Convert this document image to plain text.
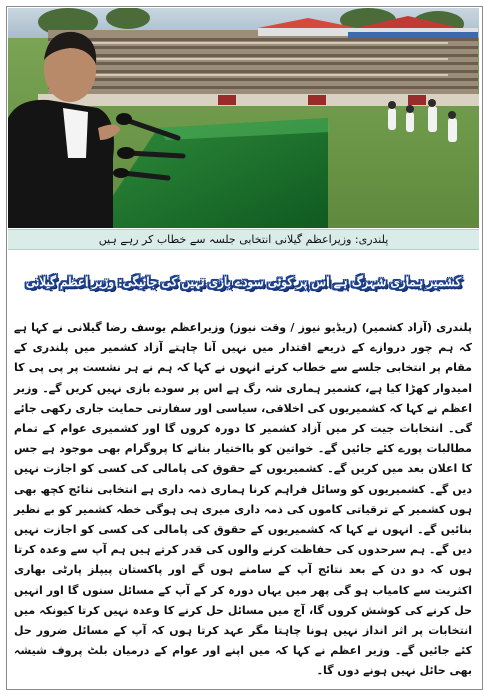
پلندری: وزیراعظم گیلانی انتخابی جلسہ سے خطاب کر رہے ہیں
کشمیر ہماری شہرگ ہے اس پر کوئی سودے بازی نہیں کی جائیگی: وزیر اعظم گیلانی

پلندری (آزاد کشمیر) (ریڈیو نیوز / وقت نیوز) وزیراعظم یوسف رضا گیلانی نے کہا ہے کہ ہم چور دروازے کے ذریعے اقتدار میں نہیں آنا چاہتے آزاد کشمیر میں پلندری کے مقام پر انتخابی جلسے سے خطاب کرتے انہوں نے کہا کہ ہم نے ہر نشست پر پی پی کا امیدوار کھڑا کیا ہے، کشمیر ہماری شہ رگ ہے اس پر سودے بازی نہیں کریں گے۔ وزیر اعظم نے کہا کہ کشمیریوں کی اخلاقی، سیاسی اور سفارتی حمایت جاری رکھی جائے گی۔ انتخابات جیت کر میں آزاد کشمیر کا دورہ کروں گا اور کشمیری عوام کے تمام مطالبات پورے کئے جائیں گے۔ خواتین کو بااختیار بنانے کا پروگرام بھی موجود ہے جس کا اعلان بعد میں کریں گے۔ کشمیریوں کے حقوق کی پامالی کی کسی کو اجازت نہیں دیں گے۔ کشمیریوں کو وسائل فراہم کرنا ہماری ذمہ داری ہے انتخابی نتائج کچھ بھی ہوں کشمیر کے ترقیاتی کاموں کی ذمہ داری میری ہی ہوگی خطہ کشمیر کو بے نظیر بنائیں گے۔ انہوں نے کہا کہ کشمیریوں کے حقوق کی پامالی کی کسی کو اجازت نہیں دیں گے۔ ہم سرحدوں کی حفاظت کرنے والوں کی قدر کرتے ہیں ہم آپ سے وعدہ کرتا ہوں کہ دو دن کے بعد نتائج آپ کے سامنے ہوں گے اور پاکستان پیپلز پارٹی بھاری اکثریت سے کامیاب ہو گی پھر میں یہاں دورہ کر کے آپ کے مسائل سنوں گا اور انہیں حل کرنے کی کوشش کروں گا، آج میں مسائل حل کرنے کا وعدہ نہیں کرتا کیونکہ میں انتخابات پر اثر انداز نہیں ہونا چاہتا مگر عہد کرتا ہوں کہ آپ کے مسائل ضرور حل کئے جائیں گے۔ وزیر اعظم نے کہا کہ میں اپنے اور عوام کے درمیان بلٹ پروف شیشہ بھی حائل نہیں ہونے دوں گا۔
